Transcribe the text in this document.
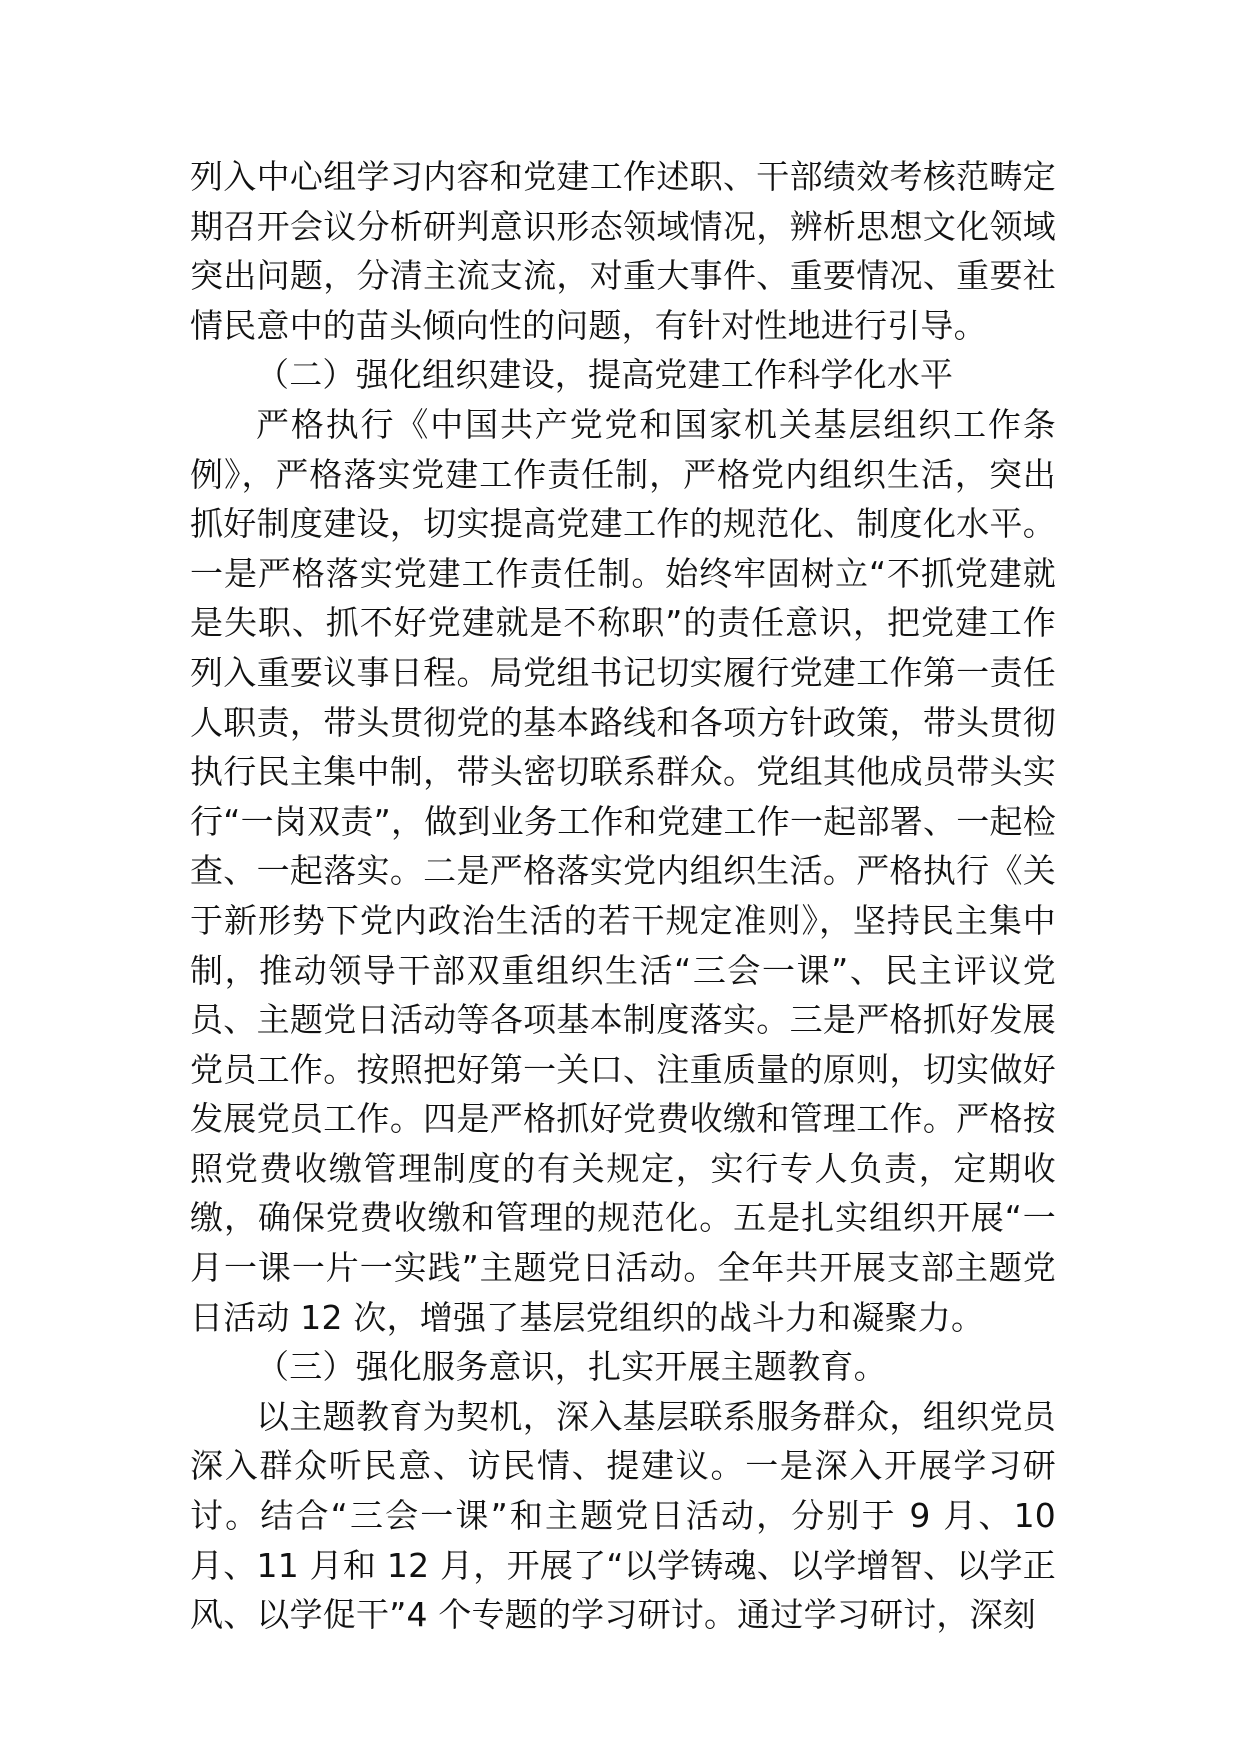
列入中心组学习内容和党建工作述职、干部绩效考核范畴定期召开会议分析研判意识形态领域情况，辨析思想文化领域突出问题，分清主流支流，对重大事件、重要情况、重要社情民意中的苗头倾向性的问题，有针对性地进行引导。

（二）强化组织建设，提高党建工作科学化水平

严格执行《中国共产党党和国家机关基层组织工作条例》，严格落实党建工作责任制，严格党内组织生活，突出抓好制度建设，切实提高党建工作的规范化、制度化水平。一是严格落实党建工作责任制。始终牢固树立“不抓党建就是失职、抓不好党建就是不称职”的责任意识，把党建工作列入重要议事日程。局党组书记切实履行党建工作第一责任人职责，带头贯彻党的基本路线和各项方针政策，带头贯彻执行民主集中制，带头密切联系群众。党组其他成员带头实行“一岗双责”，做到业务工作和党建工作一起部署、一起检查、一起落实。二是严格落实党内组织生活。严格执行《关于新形势下党内政治生活的若干规定准则》，坚持民主集中制，推动领导干部双重组织生活“三会一课”、民主评议党员、主题党日活动等各项基本制度落实。三是严格抓好发展党员工作。按照把好第一关口、注重质量的原则，切实做好发展党员工作。四是严格抓好党费收缴和管理工作。严格按照党费收缴管理制度的有关规定，实行专人负责，定期收缴，确保党费收缴和管理的规范化。五是扎实组织开展“一月一课一片一实践”主题党日活动。全年共开展支部主题党日活动 12 次，增强了基层党组织的战斗力和凝聚力。

（三）强化服务意识，扎实开展主题教育。

以主题教育为契机，深入基层联系服务群众，组织党员深入群众听民意、访民情、提建议。一是深入开展学习研讨。结合“三会一课”和主题党日活动，分别于 9 月、10 月、11 月和 12 月，开展了“以学铸魂、以学增智、以学正风、以学促干”4 个专题的学习研讨。通过学习研讨，深刻
